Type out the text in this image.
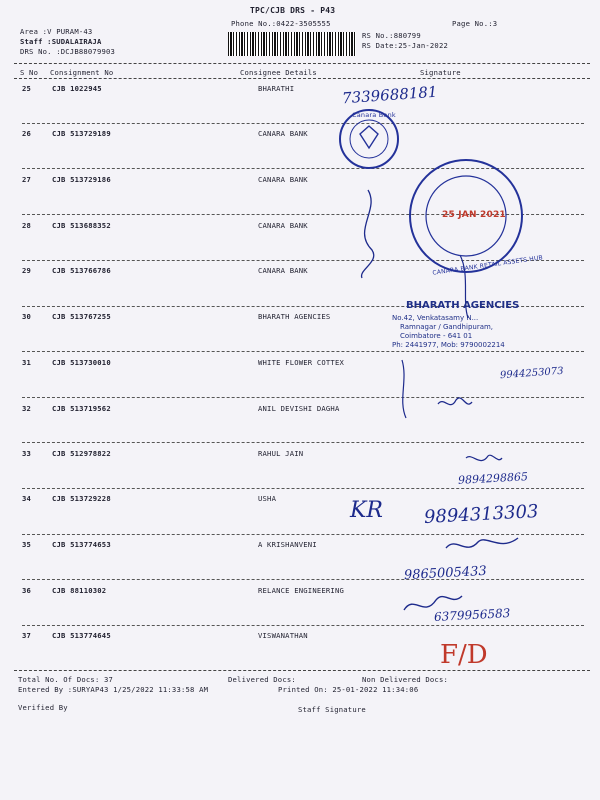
TPC/CJB DRS - P43
Phone No.:0422-3505555	Page No.:3
Area :V PURAM-43
Staff :SUDALAIRAJA
DRS No. :DCJB88079903
RS No.:880799
RS Date:25-Jan-2022
S No Consignment No	Consignee Details	Signature
25	CJB 1022945	BHARATHI
26	CJB 513729189	CANARA BANK
27	CJB 513729186	CANARA BANK
28	CJB 513688352	CANARA BANK
29	CJB 513766786	CANARA BANK
30	CJB 513767255	BHARATH AGENCIES
31	CJB 513730010	WHITE FLOWER COTTEX
32	CJB 513719562	ANIL DEVISHI DAGHA
33	CJB 512978822	RAHUL JAIN
34	CJB 513729228	USHA
35	CJB 513774653	A KRISHANVENI
36	CJB 88110302	RELANCE ENGINEERING
37	CJB 513774645	VISWANATHAN
Total No. Of Docs: 37	Delivered Docs:	Non Delivered Docs:
Entered By :SURYAP43 1/25/2022 11:33:58 AM	Printed On: 25-01-2022 11:34:06
Verified By	Staff Signature
7339688181
9944253073
9894298865
KR 9894313303
9865005433
6379956583
F/D
Canara Bank
CANARA BANK RETAIL ASSETS HUB
25 JAN 2021
BHARATH AGENCIES
No.42, Venkatasamy N...
Ramnagar / Gandhipuram,
Coimbatore - 641 01
Ph: 2441977, Mob: 9790002214
